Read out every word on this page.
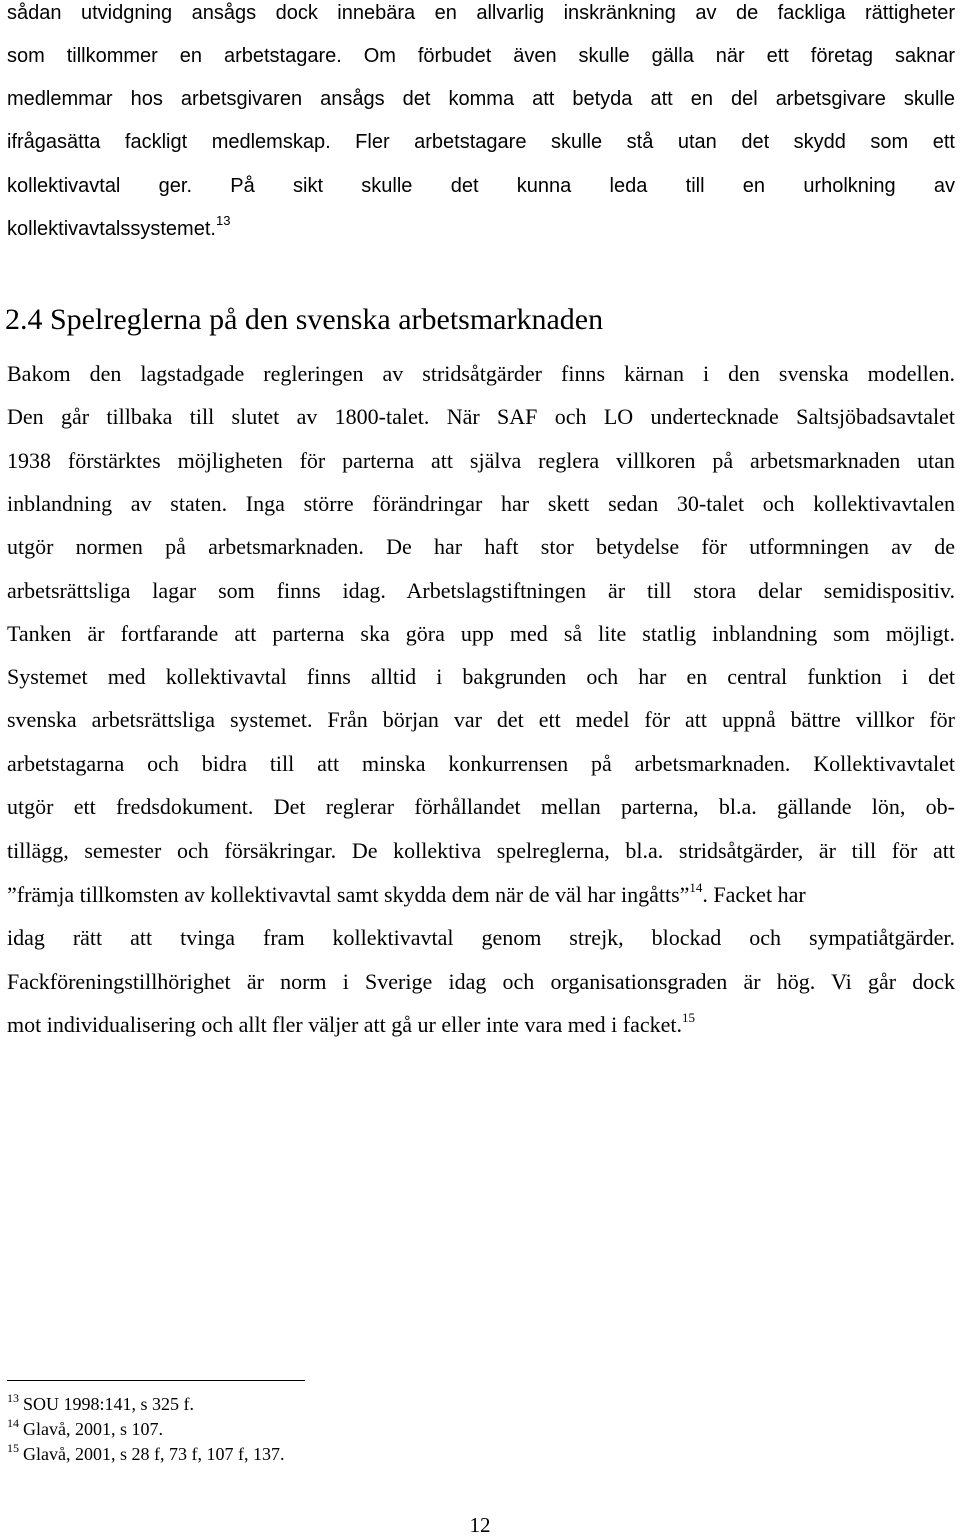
sådan utvidgning ansågs dock innebära en allvarlig inskränkning av de fackliga rättigheter
som tillkommer en arbetstagare. Om förbudet även skulle gälla när ett företag saknar
medlemmar hos arbetsgivaren ansågs det komma att betyda att en del arbetsgivare skulle
ifrågasätta fackligt medlemskap. Fler arbetstagare skulle stå utan det skydd som ett
kollektivavtal ger. På sikt skulle det kunna leda till en urholkning av
kollektivavtalssystemet.$^{13}$
2.4 Spelreglerna på den svenska arbetsmarknaden
Bakom den lagstadgade regleringen av stridsåtgärder finns kärnan i den svenska modellen.
Den går tillbaka till slutet av 1800-talet. När SAF och LO undertecknade Saltsjöbadsavtalet
1938 förstärktes möjligheten för parterna att själva reglera villkoren på arbetsmarknaden utan
inblandning av staten. Inga större förändringar har skett sedan 30-talet och kollektivavtalen
utgör normen på arbetsmarknaden. De har haft stor betydelse för utformningen av de
arbetsrättsliga lagar som finns idag. Arbetslagstiftningen är till stora delar semidispositiv.
Tanken är fortfarande att parterna ska göra upp med så lite statlig inblandning som möjligt.
Systemet med kollektivavtal finns alltid i bakgrunden och har en central funktion i det
svenska arbetsrättsliga systemet. Från början var det ett medel för att uppnå bättre villkor för
arbetstagarna och bidra till att minska konkurrensen på arbetsmarknaden. Kollektivavtalet
utgör ett fredsdokument. Det reglerar förhållandet mellan parterna, bl.a. gällande lön, ob-
tillägg, semester och försäkringar. De kollektiva spelreglerna, bl.a. stridsåtgärder, är till för att
”främja tillkomsten av kollektivavtal samt skydda dem när de väl har ingåtts”$^{14}$. Facket har
idag rätt att tvinga fram kollektivavtal genom strejk, blockad och sympatiåtgärder.
Fackföreningstillhörighet är norm i Sverige idag och organisationsgraden är hög. Vi går dock
mot individualisering och allt fler väljer att gå ur eller inte vara med i facket.$^{15}$
$^{13}$ SOU 1998:141, s 325 f.
$^{14}$ Glavå, 2001, s 107.
$^{15}$ Glavå, 2001, s 28 f, 73 f, 107 f, 137.
12
